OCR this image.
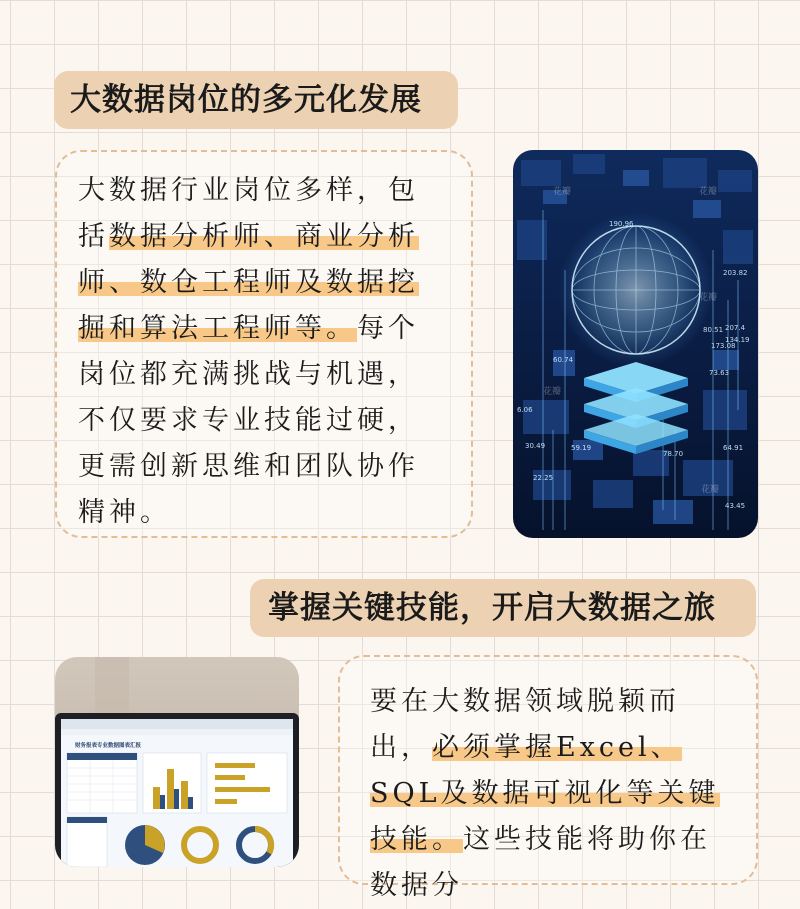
大数据岗位的多元化发展
大数据行业岗位多样，包括数据分析师、商业分析师、数仓工程师及数据挖掘和算法工程师等。每个岗位都充满挑战与机遇，不仅要求专业技能过硬，更需创新思维和团队协作精神。
190.96
203.82
207.4
134.19
80.51
173.08
60.74
73.63
6.06
30.49	59.19
78.70
22.25
64.91
43.45
花瓣
花瓣
花瓣
花瓣
花瓣
掌握关键技能，开启大数据之旅
财务报表专业数据图表汇报
要在大数据领域脱颖而出，必须掌握Excel、SQL及数据可视化等关键技能。这些技能将助你在数据分
